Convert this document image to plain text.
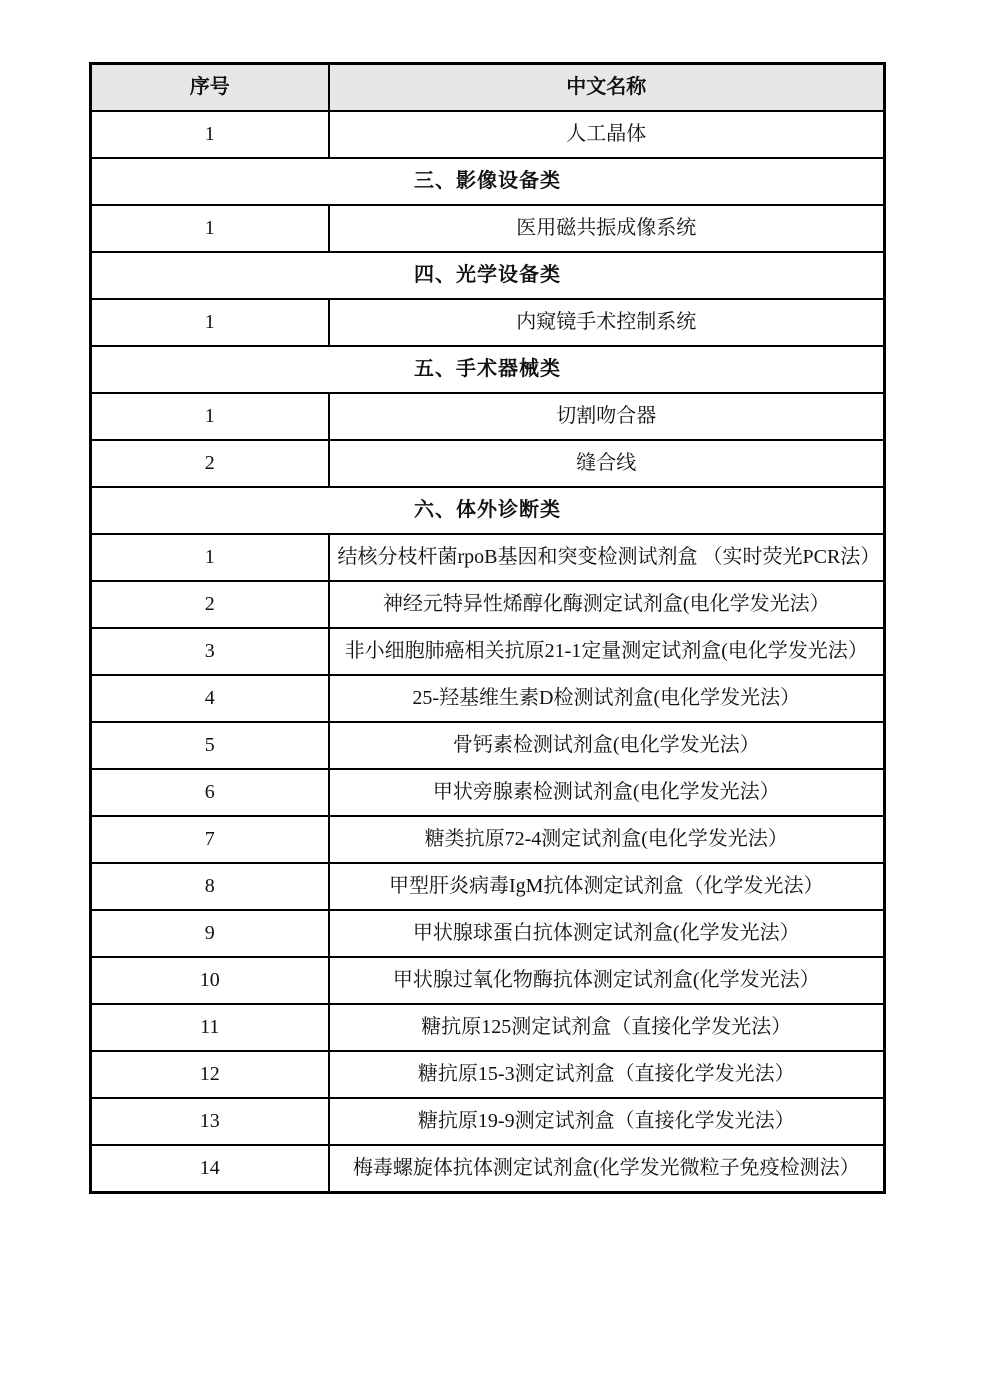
序号	中文名称
1	人工晶体
三、影像设备类	
1	医用磁共振成像系统
四、光学设备类	
1	内窥镜手术控制系统
五、手术器械类	
1	切割吻合器
2	缝合线
六、体外诊断类	
1	结核分枝杆菌rpoB基因和突变检测试剂盒 （实时荧光PCR法）
2	神经元特异性烯醇化酶测定试剂盒(电化学发光法）
3	非小细胞肺癌相关抗原21-1定量测定试剂盒(电化学发光法）
4	25-羟基维生素D检测试剂盒(电化学发光法）
5	骨钙素检测试剂盒(电化学发光法）
6	甲状旁腺素检测试剂盒(电化学发光法）
7	糖类抗原72-4测定试剂盒(电化学发光法）
8	甲型肝炎病毒IgM抗体测定试剂盒（化学发光法）
9	甲状腺球蛋白抗体测定试剂盒(化学发光法）
10	甲状腺过氧化物酶抗体测定试剂盒(化学发光法）
11	糖抗原125测定试剂盒（直接化学发光法）
12	糖抗原15-3测定试剂盒（直接化学发光法）
13	糖抗原19-9测定试剂盒（直接化学发光法）
14	梅毒螺旋体抗体测定试剂盒(化学发光微粒子免疫检测法）
